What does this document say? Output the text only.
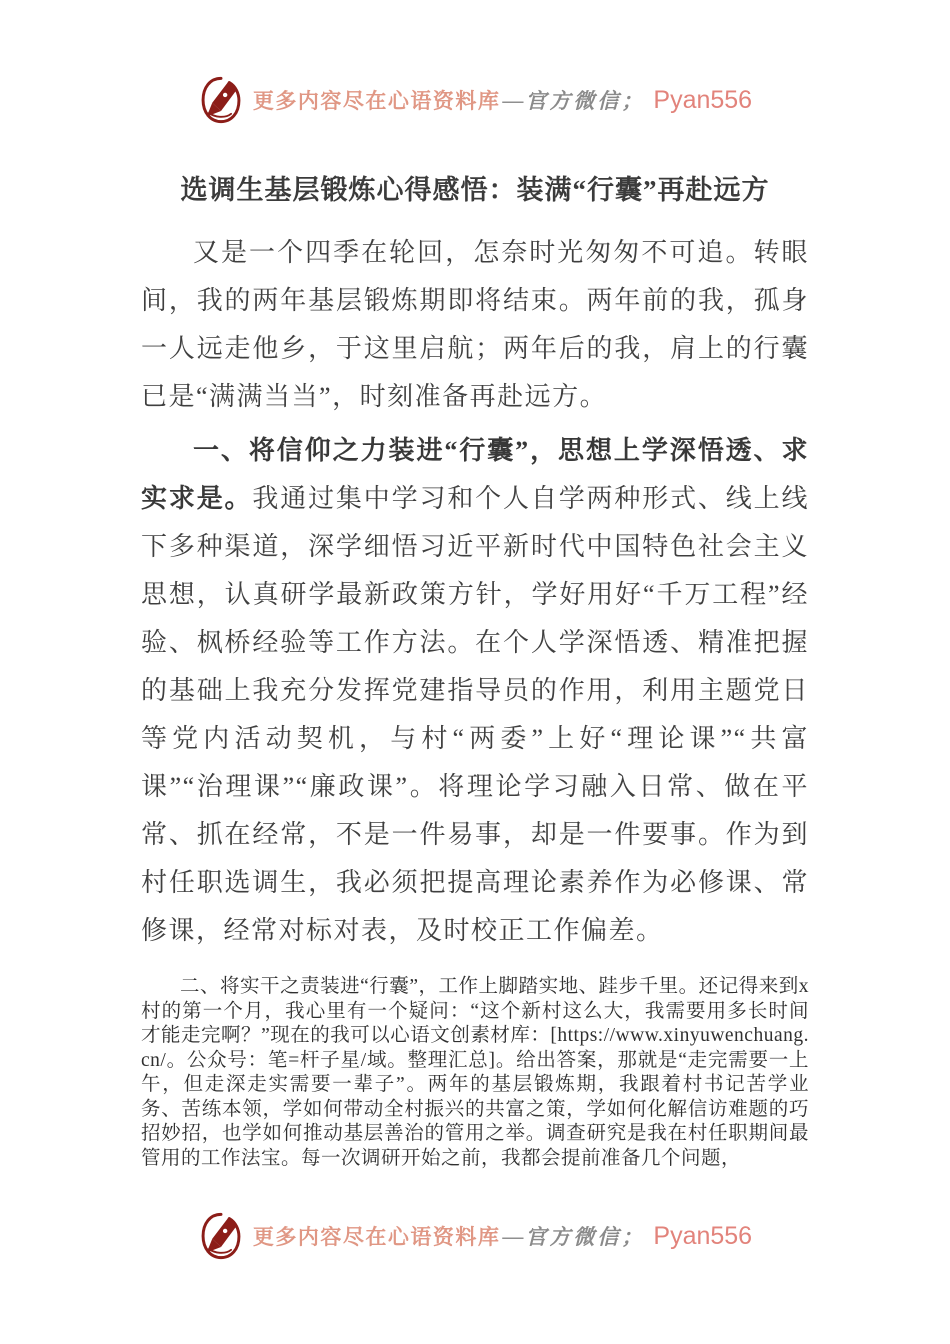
更多内容尽在心语资料库 — 官方微信； Pyan556
选调生基层锻炼心得感悟：装满“行囊”再赴远方

又是一个四季在轮回，怎奈时光匆匆不可追。转眼间，我的两年基层锻炼期即将结束。两年前的我，孤身一人远走他乡，于这里启航；两年后的我，肩上的行囊已是“满满当当”，时刻准备再赴远方。

一、将信仰之力装进“行囊”，思想上学深悟透、求实求是。我通过集中学习和个人自学两种形式、线上线下多种渠道，深学细悟习近平新时代中国特色社会主义思想，认真研学最新政策方针，学好用好“千万工程”经验、枫桥经验等工作方法。在个人学深悟透、精准把握的基础上我充分发挥党建指导员的作用，利用主题党日等党内活动契机，与村“两委”上好“理论课”“共富课”“治理课”“廉政课”。将理论学习融入日常、做在平常、抓在经常，不是一件易事，却是一件要事。作为到村任职选调生，我必须把提高理论素养作为必修课、常修课，经常对标对表，及时校正工作偏差。

二、将实干之责装进“行囊”，工作上脚踏实地、跬步千里。还记得来到x村的第一个月，我心里有一个疑问：“这个新村这么大，我需要用多长时间才能走完啊？”现在的我可以心语文创素材库：[https://www.xinyuwenchuang.cn/。公众号：笔=杆子星/域。整理汇总]。给出答案，那就是“走完需要一上午，但走深走实需要一辈子”。两年的基层锻炼期，我跟着村书记苦学业务、苦练本领，学如何带动全村振兴的共富之策，学如何化解信访难题的巧招妙招，也学如何推动基层善治的管用之举。调查研究是我在村任职期间最管用的工作法宝。每一次调研开始之前，我都会提前准备几个问题，

更多内容尽在心语资料库 — 官方微信； Pyan556
